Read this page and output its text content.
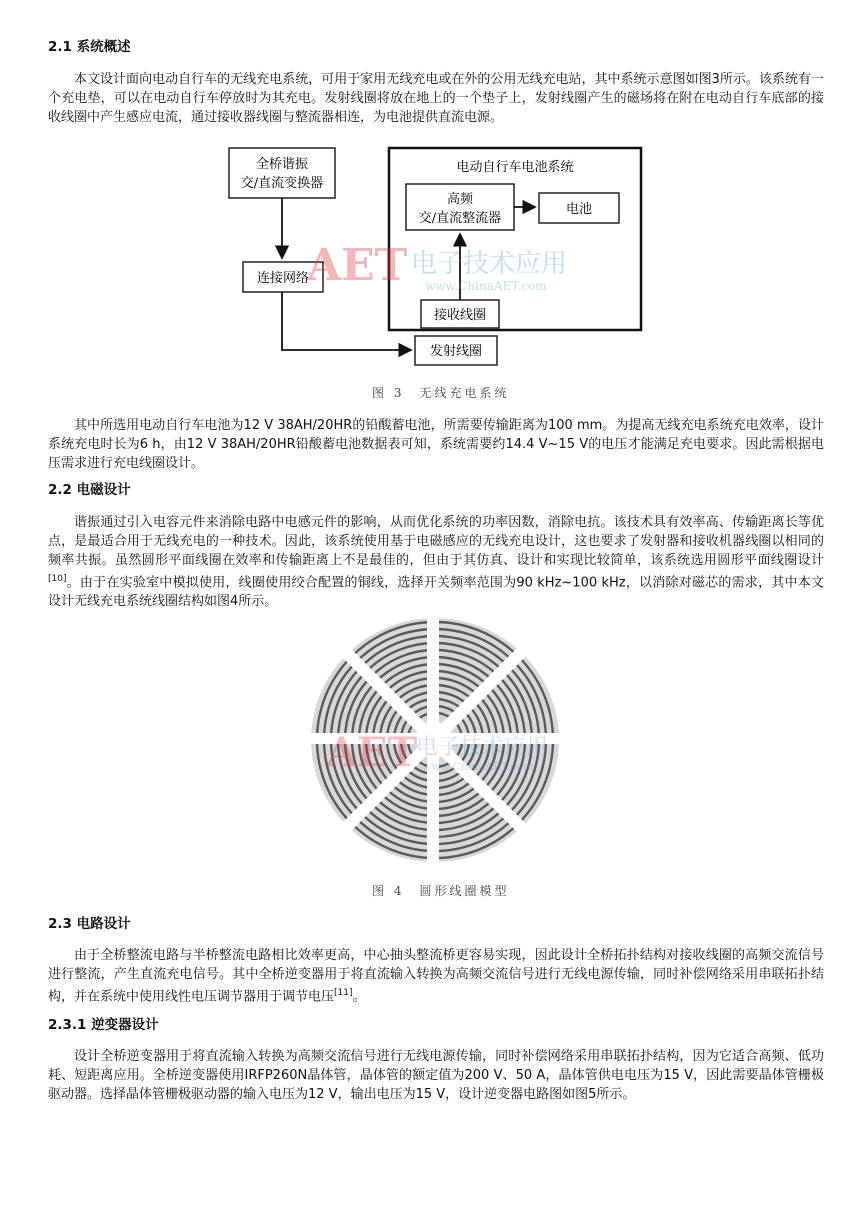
2.1 系统概述

本文设计面向电动自行车的无线充电系统，可用于家用无线充电或在外的公用无线充电站，其中系统示意图如图3所示。该系统有一个充电垫，可以在电动自行车停放时为其充电。发射线圈将放在地上的一个垫子上，发射线圈产生的磁场将在附在电动自行车底部的接收线圈中产生感应电流，通过接收器线圈与整流器相连，为电池提供直流电源。

全桥谐振
交/直流变换器
连接网络
电动自行车电池系统
高频
交/直流整流器
电池
接收线圈
发射线圈
AET 电子技术应用
www.ChinaAET.com
图 3　无线充电系统

其中所选用电动自行车电池为12 V 38AH/20HR的铅酸蓄电池，所需要传输距离为100 mm。为提高无线充电系统充电效率，设计系统充电时长为6 h，由12 V 38AH/20HR铅酸蓄电池数据表可知，系统需要约14.4 V~15 V的电压才能满足充电要求。因此需根据电压需求进行充电线圈设计。

2.2 电磁设计

谐振通过引入电容元件来消除电路中电感元件的影响，从而优化系统的功率因数，消除电抗。该技术具有效率高、传输距离长等优点，是最适合用于无线充电的一种技术。因此，该系统使用基于电磁感应的无线充电设计，这也要求了发射器和接收机器线圈以相同的频率共振。虽然圆形平面线圈在效率和传输距离上不是最佳的，但由于其仿真、设计和实现比较简单，该系统选用圆形平面线圈设计[10]。由于在实验室中模拟使用，线圈使用绞合配置的铜线，选择开关频率范围为90 kHz~100 kHz，以消除对磁芯的需求，其中本文设计无线充电系统线圈结构如图4所示。

AET
电子技术应用
www.ChinaAET.com
图 4　圆形线圈模型
2.3 电路设计

由于全桥整流电路与半桥整流电路相比效率更高，中心抽头整流桥更容易实现，因此设计全桥拓扑结构对接收线圈的高频交流信号进行整流，产生直流充电信号。其中全桥逆变器用于将直流输入转换为高频交流信号进行无线电源传输，同时补偿网络采用串联拓扑结构，并在系统中使用线性电压调节器用于调节电压[11]。

2.3.1 逆变器设计

设计全桥逆变器用于将直流输入转换为高频交流信号进行无线电源传输，同时补偿网络采用串联拓扑结构，因为它适合高频、低功耗、短距离应用。全桥逆变器使用IRFP260N晶体管，晶体管的额定值为200 V、50 A，晶体管供电电压为15 V，因此需要晶体管栅极驱动器。选择晶体管栅极驱动器的输入电压为12 V，输出电压为15 V，设计逆变器电路图如图5所示。
